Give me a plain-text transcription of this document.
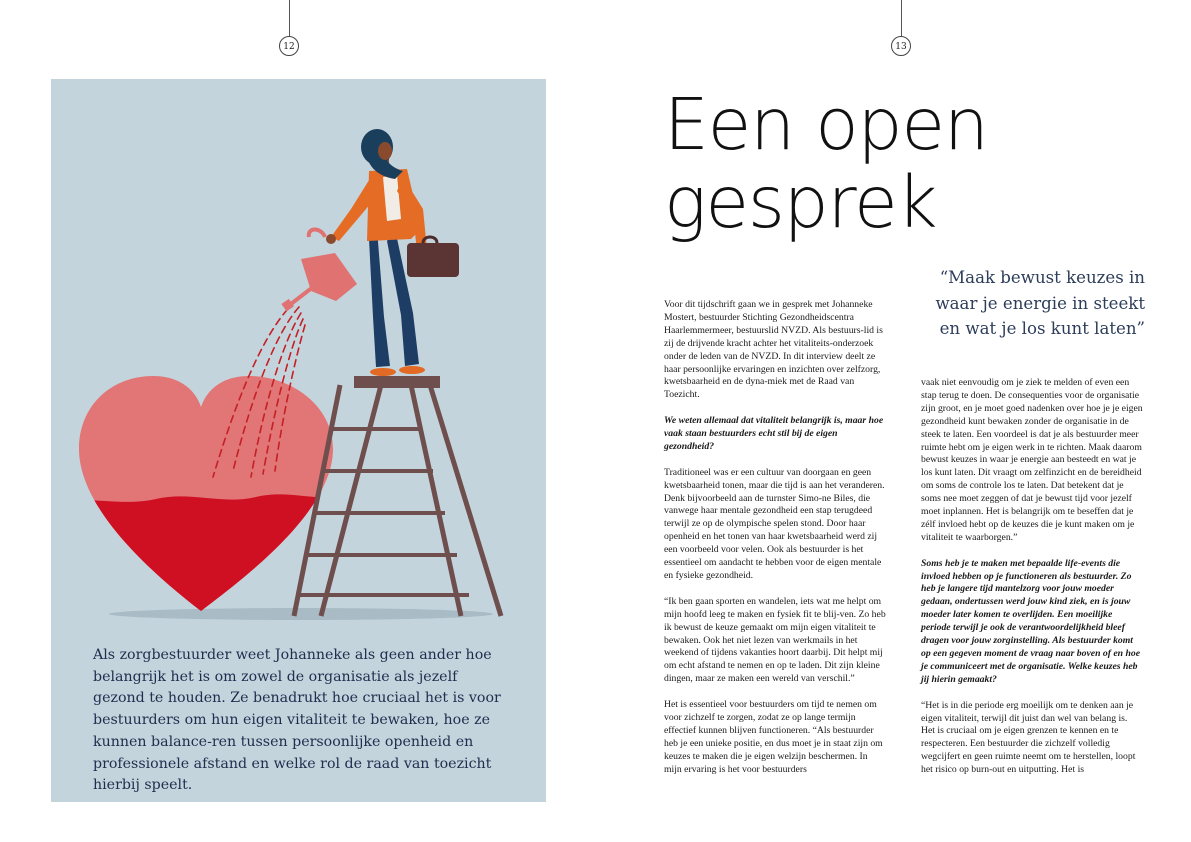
12	13
Als zorgbestuurder weet Johanneke als geen ander hoe belangrijk het is om zowel de organisatie als jezelf gezond te houden. Ze benadrukt hoe cruciaal het is voor bestuurders om hun eigen vitaliteit te bewaken, hoe ze kunnen balance-ren tussen persoonlijke openheid en professionele afstand en welke rol de raad van toezicht hierbij speelt.
Een open
gesprek
“Maak bewust keuzes in waar je energie in steekt en wat je los kunt laten”

Voor dit tijdschrift gaan we in gesprek met Johanneke Mostert, bestuurder Stichting Gezondheidscentra Haarlemmermeer, bestuurslid NVZD. Als bestuurs-lid is zij de drijvende kracht achter het vitaliteits-onderzoek onder de leden van de NVZD. In dit interview deelt ze haar persoonlijke ervaringen en inzichten over zelfzorg, kwetsbaarheid en de dyna-miek met de Raad van Toezicht.

We weten allemaal dat vitaliteit belangrijk is, maar hoe vaak staan bestuurders echt stil bij de eigen gezondheid?

Traditioneel was er een cultuur van doorgaan en geen kwetsbaarheid tonen, maar die tijd is aan het veranderen. Denk bijvoorbeeld aan de turnster Simo-ne Biles, die vanwege haar mentale gezondheid een stap terugdeed terwijl ze op de olympische spelen stond. Door haar openheid en het tonen van haar kwetsbaarheid werd zij een voorbeeld voor velen. Ook als bestuurder is het essentieel om aandacht te hebben voor de eigen mentale en fysieke gezondheid.

“Ik ben gaan sporten en wandelen, iets wat me helpt om mijn hoofd leeg te maken en fysiek fit te blij-ven. Zo heb ik bewust de keuze gemaakt om mijn eigen vitaliteit te bewaken. Ook het niet lezen van werkmails in het weekend of tijdens vakanties hoort daarbij. Dit helpt mij om echt afstand te nemen en op te laden. Dit zijn kleine dingen, maar ze maken een wereld van verschil.”

Het is essentieel voor bestuurders om tijd te nemen om voor zichzelf te zorgen, zodat ze op lange termijn effectief kunnen blijven functioneren. “Als bestuurder heb je een unieke positie, en dus moet je in staat zijn om keuzes te maken die je eigen welzijn beschermen. In mijn ervaring is het voor bestuurders

vaak niet eenvoudig om je ziek te melden of even een stap terug te doen. De consequenties voor de organisatie zijn groot, en je moet goed nadenken over hoe je je eigen gezondheid kunt bewaken zonder de organisatie in de steek te laten. Een voordeel is dat je als bestuurder meer ruimte hebt om je eigen werk in te richten. Maak daarom bewust keuzes in waar je energie aan besteedt en wat je los kunt laten. Dit vraagt om zelfinzicht en de bereidheid om soms de controle los te laten. Dat betekent dat je soms nee moet zeggen of dat je bewust tijd voor jezelf moet inplannen. Het is belangrijk om te beseffen dat je zélf invloed hebt op de keuzes die je kunt maken om je vitaliteit te waarborgen.”

Soms heb je te maken met bepaalde life-events die invloed hebben op je functioneren als bestuurder. Zo heb je langere tijd mantelzorg voor jouw moeder gedaan, ondertussen werd jouw kind ziek, en is jouw moeder later komen te overlijden. Een moeilijke periode terwijl je ook de verantwoordelijkheid bleef dragen voor jouw zorginstelling. Als bestuurder komt op een gegeven moment de vraag naar boven of en hoe je communiceert met de organisatie. Welke keuzes heb jij hierin gemaakt?

“Het is in die periode erg moeilijk om te denken aan je eigen vitaliteit, terwijl dit juist dan wel van belang is. Het is cruciaal om je eigen grenzen te kennen en te respecteren. Een bestuurder die zichzelf volledig wegcijfert en geen ruimte neemt om te herstellen, loopt het risico op burn-out en uitputting. Het is
